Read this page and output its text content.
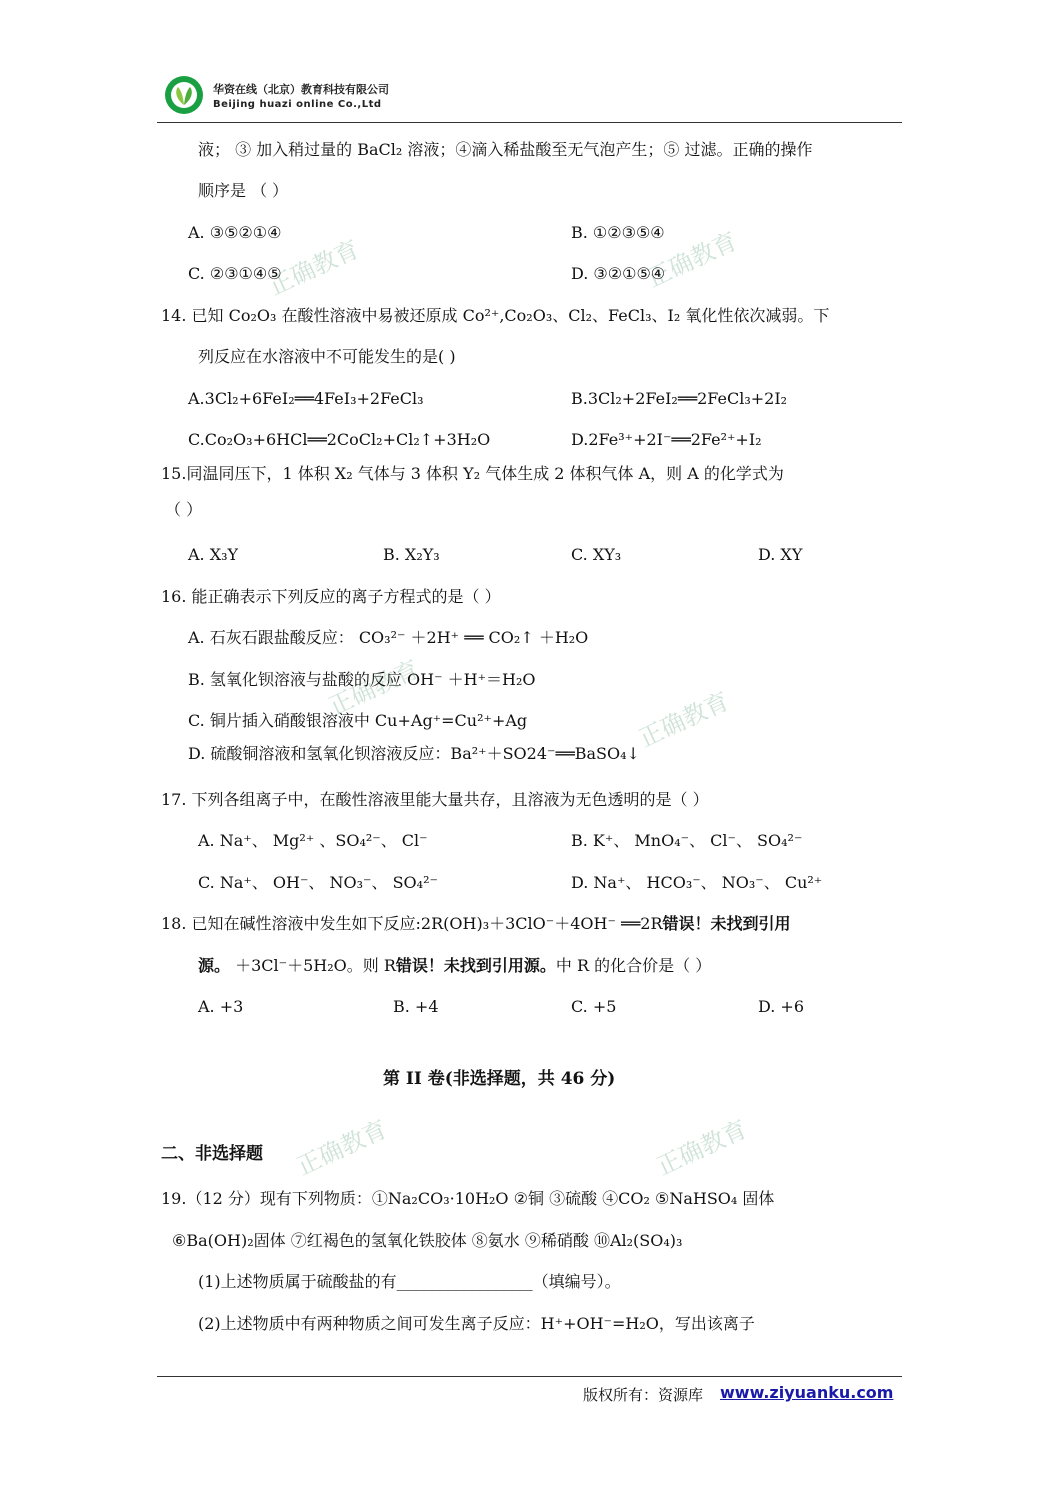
华资在线（北京）教育科技有限公司
Beijing huazi online Co.,Ltd
正确教育	正确教育
正确教育	正确教育
正确教育	正确教育
液； ③ 加入稍过量的 BaCl₂ 溶液；④滴入稀盐酸至无气泡产生；⑤ 过滤。正确的操作
顺序是 （ ）
A. ③⑤②①④	B. ①②③⑤④
C. ②③①④⑤	D. ③②①⑤④
14. 已知 Co₂O₃ 在酸性溶液中易被还原成 Co²⁺,Co₂O₃、Cl₂、FeCl₃、I₂ 氧化性依次减弱。下
列反应在水溶液中不可能发生的是( )
A.3Cl₂+6FeI₂══4FeI₃+2FeCl₃	B.3Cl₂+2FeI₂══2FeCl₃+2I₂
C.Co₂O₃+6HCl══2CoCl₂+Cl₂↑+3H₂O	D.2Fe³⁺+2I⁻══2Fe²⁺+I₂
15.同温同压下，1 体积 X₂ 气体与 3 体积 Y₂ 气体生成 2 体积气体 A，则 A 的化学式为
（ ）
A. X₃Y	B. X₂Y₃	C. XY₃	D. XY
16. 能正确表示下列反应的离子方程式的是（ ）
A. 石灰石跟盐酸反应： CO₃²⁻ ＋2H⁺ ══ CO₂↑ ＋H₂O
B. 氢氧化钡溶液与盐酸的反应 OH⁻ ＋H⁺＝H₂O
C. 铜片插入硝酸银溶液中 Cu+Ag⁺=Cu²⁺+Ag
D. 硫酸铜溶液和氢氧化钡溶液反应：Ba²⁺＋SO24⁻══BaSO₄↓
17. 下列各组离子中，在酸性溶液里能大量共存，且溶液为无色透明的是（ ）
A. Na⁺、 Mg²⁺ 、SO₄²⁻、 Cl⁻	B. K⁺、 MnO₄⁻、 Cl⁻、 SO₄²⁻
C. Na⁺、 OH⁻、 NO₃⁻、 SO₄²⁻	D. Na⁺、 HCO₃⁻、 NO₃⁻、 Cu²⁺
18. 已知在碱性溶液中发生如下反应:2R(OH)₃＋3ClO⁻＋4OH⁻ ══2R错误！未找到引用
源。 ＋3Cl⁻＋5H₂O。则 R错误！未找到引用源。中 R 的化合价是（ ）
A. +3	B. +4	C. +5	D. +6
第 II 卷(非选择题，共 46 分)
二、非选择题
19.（12 分）现有下列物质：①Na₂CO₃·10H₂O ②铜 ③硫酸 ④CO₂ ⑤NaHSO₄ 固体
⑥Ba(OH)₂固体 ⑦红褐色的氢氧化铁胶体 ⑧氨水 ⑨稀硝酸 ⑩Al₂(SO₄)₃
(1)上述物质属于硫酸盐的有_________________（填编号）。
(2)上述物质中有两种物质之间可发生离子反应：H⁺+OH⁻=H₂O，写出该离子
版权所有：资源库 www.ziyuanku.com
